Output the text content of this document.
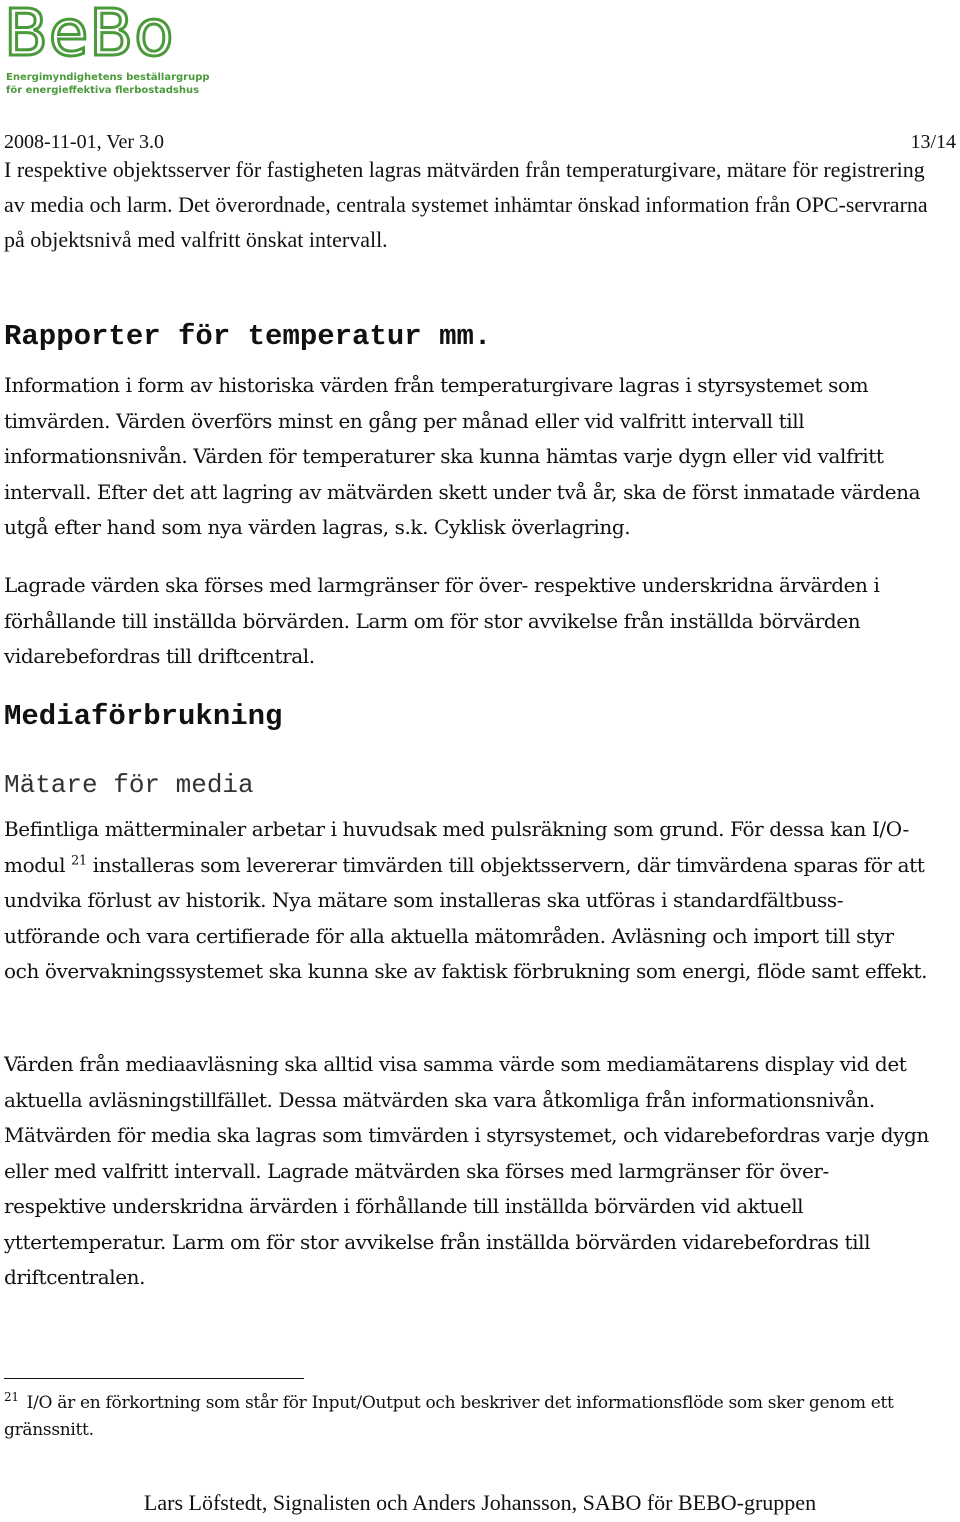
BeBo
Energimyndighetens beställargrupp
för energieffektiva flerbostadshus
2008-11-01, Ver 3.0	13/14
I respektive objektsserver för fastigheten lagras mätvärden från temperaturgivare, mätare för registrering av media och larm. Det överordnade, centrala systemet inhämtar önskad information från OPC-servrarna på objektsnivå med valfritt önskat intervall.
Rapporter för temperatur mm.
Information i form av historiska värden från temperaturgivare lagras i styrsystemet som timvärden. Värden överförs minst en gång per månad eller vid valfritt intervall till informationsnivån. Värden för temperaturer ska kunna hämtas varje dygn eller vid valfritt intervall. Efter det att lagring av mätvärden skett under två år, ska de först inmatade värdena utgå efter hand som nya värden lagras, s.k. Cyklisk överlagring.
Lagrade värden ska förses med larmgränser för över- respektive underskridna ärvärden i förhållande till inställda börvärden. Larm om för stor avvikelse från inställda börvärden vidarebefordras till driftcentral.
Mediaförbrukning
Mätare för media
Befintliga mätterminaler arbetar i huvudsak med pulsräkning som grund. För dessa kan I/O-modul $^{21}$ installeras som levererar timvärden till objektsservern, där timvärdena sparas för att undvika förlust av historik. Nya mätare som installeras ska utföras i standardfältbuss-utförande och vara certifierade för alla aktuella mätområden. Avläsning och import till styr och övervakningssystemet ska kunna ske av faktisk förbrukning som energi, flöde samt effekt.
Värden från mediaavläsning ska alltid visa samma värde som mediamätarens display vid det aktuella avläsningstillfället. Dessa mätvärden ska vara åtkomliga från informationsnivån. Mätvärden för media ska lagras som timvärden i styrsystemet, och vidarebefordras varje dygn eller med valfritt intervall. Lagrade mätvärden ska förses med larmgränser för över- respektive underskridna ärvärden i förhållande till inställda börvärden vid aktuell yttertemperatur. Larm om för stor avvikelse från inställda börvärden vidarebefordras till driftcentralen.
$^{21}$ I/O är en förkortning som står för Input/Output och beskriver det informationsflöde som sker genom ett gränssnitt.
Lars Löfstedt, Signalisten och Anders Johansson, SABO för BEBO-gruppen
